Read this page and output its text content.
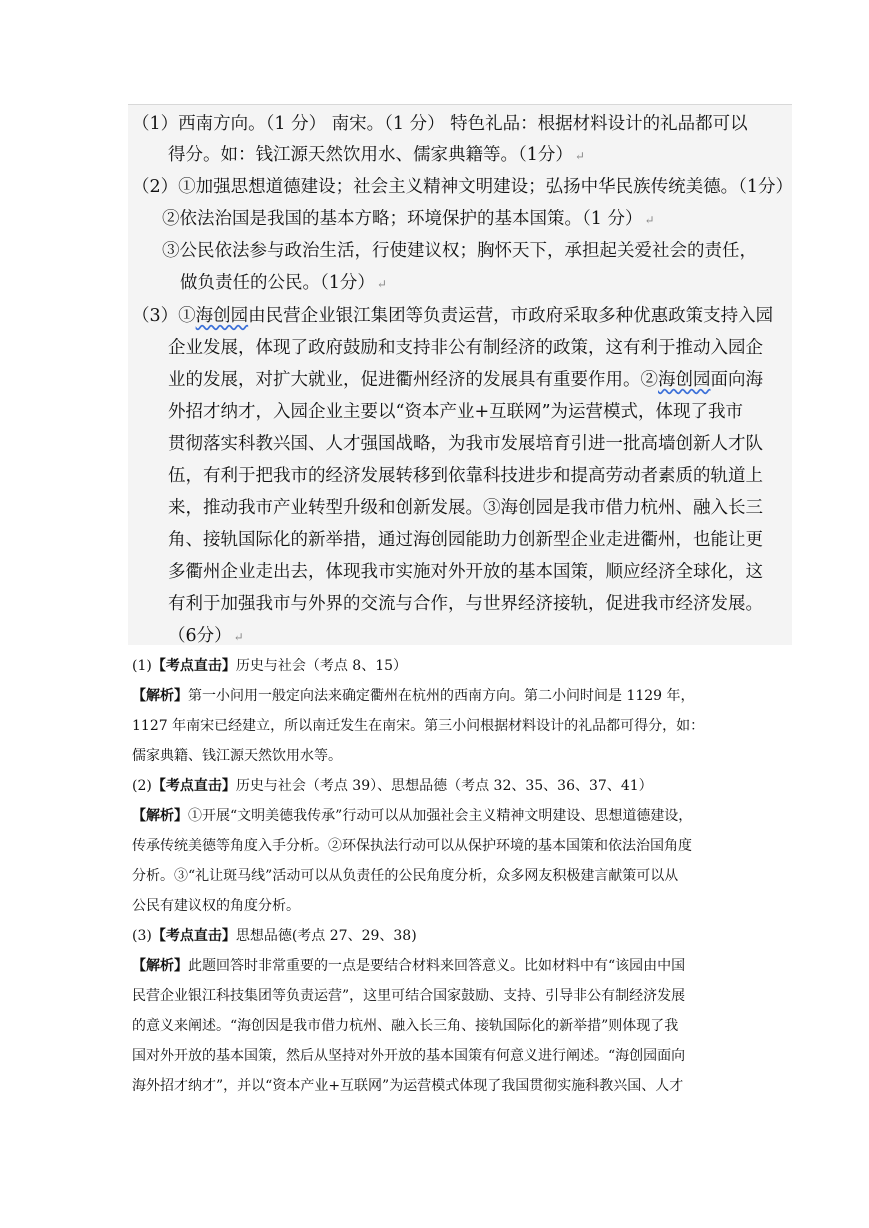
（1）西南方向。（1 分） 南宋。（1 分） 特色礼品：根据材料设计的礼品都可以
得分。如：钱江源天然饮用水、儒家典籍等。（1分） ↵
（2）①加强思想道德建设；社会主义精神文明建设；弘扬中华民族传统美德。（1分）
②依法治国是我国的基本方略；环境保护的基本国策。（1 分） ↵
③公民依法参与政治生活，行使建议权；胸怀天下，承担起关爱社会的责任，
做负责任的公民。（1分） ↵
（3）①海创园由民营企业银江集团等负责运营，市政府采取多种优惠政策支持入园
企业发展，体现了政府鼓励和支持非公有制经济的政策，这有利于推动入园企
业的发展，对扩大就业，促进衢州经济的发展具有重要作用。②海创园面向海
外招才纳才，入园企业主要以“资本产业+互联网”为运营模式，体现了我市
贯彻落实科教兴国、人才强国战略，为我市发展培育引进一批高墙创新人才队
伍，有利于把我市的经济发展转移到依靠科技进步和提高劳动者素质的轨道上
来，推动我市产业转型升级和创新发展。③海创园是我市借力杭州、融入长三
角、接轨国际化的新举措，通过海创园能助力创新型企业走进衢州，也能让更
多衢州企业走出去，体现我市实施对外开放的基本国策，顺应经济全球化，这
有利于加强我市与外界的交流与合作，与世界经济接轨，促进我市经济发展。
（6分） ↵
(1)【考点直击】历史与社会（考点 8、15）
【解析】第一小问用一般定向法来确定衢州在杭州的西南方向。第二小问时间是 1129 年，
1127 年南宋已经建立，所以南迁发生在南宋。第三小问根据材料设计的礼品都可得分，如：
儒家典籍、钱江源天然饮用水等。
(2)【考点直击】历史与社会（考点 39）、思想品德（考点 32、35、36、37、41）
【解析】①开展“文明美德我传承”行动可以从加强社会主义精神文明建设、思想道德建设，
传承传统美德等角度入手分析。②环保执法行动可以从保护环境的基本国策和依法治国角度
分析。③“礼让斑马线”活动可以从负责任的公民角度分析，众多网友积极建言献策可以从
公民有建议权的角度分析。
(3)【考点直击】思想品德(考点 27、29、38)
【解析】此题回答时非常重要的一点是要结合材料来回答意义。比如材料中有“该园由中国
民营企业银江科技集团等负责运营”，这里可结合国家鼓励、支持、引导非公有制经济发展
的意义来阐述。“海创因是我市借力杭州、融入长三角、接轨国际化的新举措”则体现了我
国对外开放的基本国策，然后从坚持对外开放的基本国策有何意义进行阐述。“海创园面向
海外招才纳才”，并以“资本产业+互联网”为运营模式体现了我国贯彻实施科教兴国、人才
